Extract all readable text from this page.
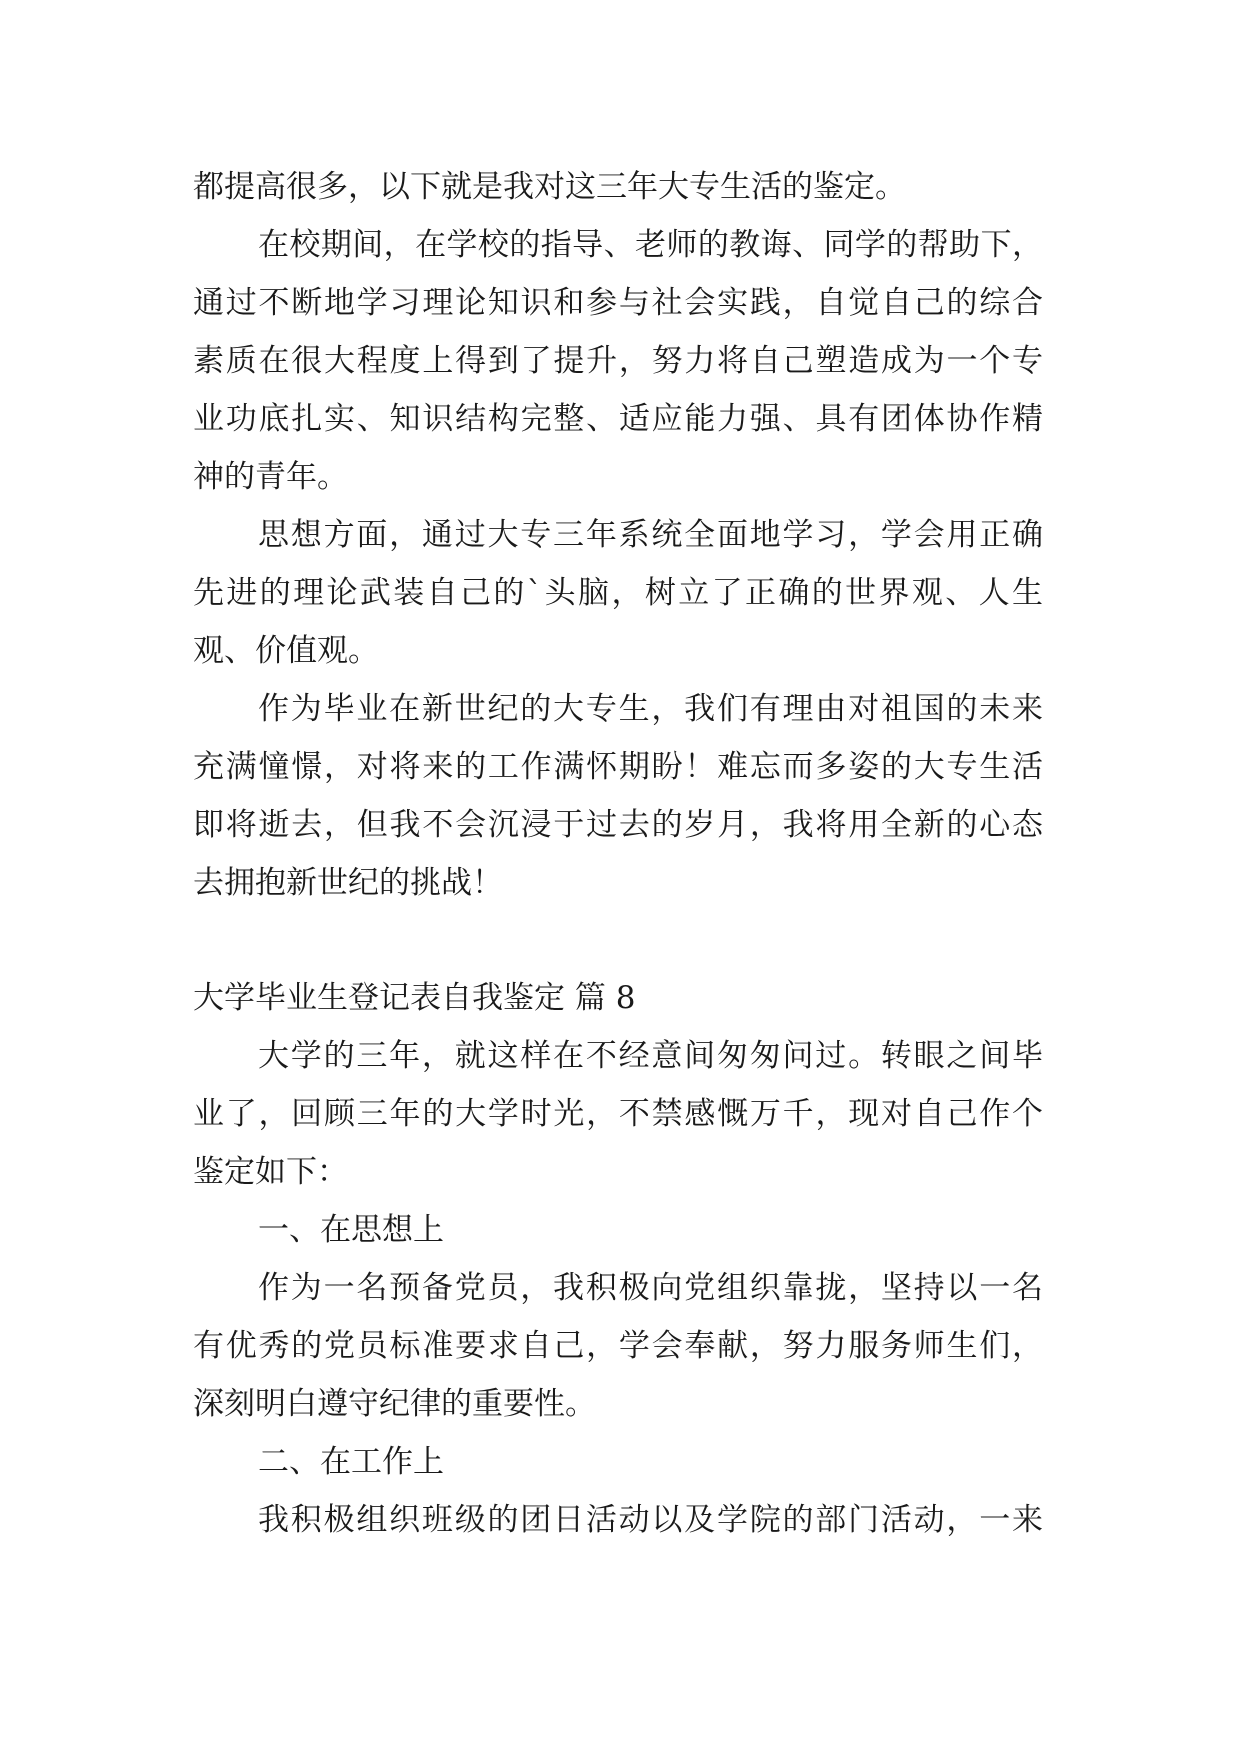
都提高很多，以下就是我对这三年大专生活的鉴定。

在校期间，在学校的指导、老师的教诲、同学的帮助下，

通过不断地学习理论知识和参与社会实践，自觉自己的综合

素质在很大程度上得到了提升，努力将自己塑造成为一个专

业功底扎实、知识结构完整、适应能力强、具有团体协作精

神的青年。

思想方面，通过大专三年系统全面地学习，学会用正确

先进的理论武装自己的`头脑，树立了正确的世界观、人生

观、价值观。

作为毕业在新世纪的大专生，我们有理由对祖国的未来

充满憧憬，对将来的工作满怀期盼！难忘而多姿的大专生活

即将逝去，但我不会沉浸于过去的岁月，我将用全新的心态

去拥抱新世纪的挑战！

大学毕业生登记表自我鉴定 篇 8

大学的三年，就这样在不经意间匆匆问过。转眼之间毕

业了，回顾三年的大学时光，不禁感慨万千，现对自己作个

鉴定如下：

一、在思想上

作为一名预备党员，我积极向党组织靠拢，坚持以一名

有优秀的党员标准要求自己，学会奉献，努力服务师生们，

深刻明白遵守纪律的重要性。

二、在工作上

我积极组织班级的团日活动以及学院的部门活动，一来
